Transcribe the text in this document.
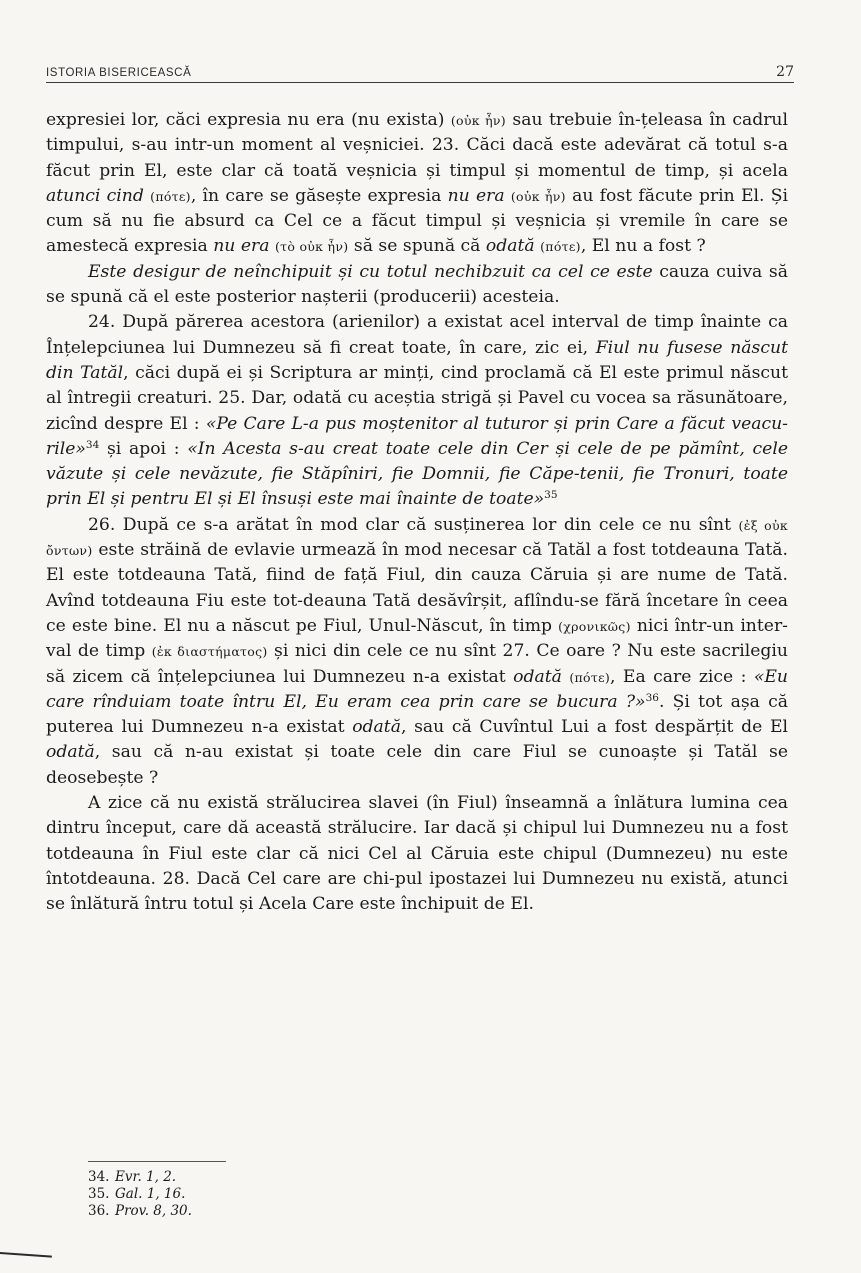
ISTORIA BISERICEASCĂ	27

expresiei lor, căci expresia nu era (nu exista) (οὐκ ἦν) sau trebuie în-țeleasa în cadrul timpului, s-au intr-un moment al veșniciei. 23. Căci dacă este adevărat că totul s-a făcut prin El, este clar că toată veșnicia și timpul și momentul de timp, și acela atunci cind (πότε), în care se găsește expresia nu era (οὐκ ἦν) au fost făcute prin El. Și cum să nu fie absurd ca Cel ce a făcut timpul și veșnicia și vremile în care se amestecă expresia nu era (τὸ οὐκ ἦν) să se spună că odată (πότε), El nu a fost ?

Este desigur de neînchipuit și cu totul nechibzuit ca cel ce este cauza cuiva să se spună că el este posterior nașterii (producerii) acesteia.

24. După părerea acestora (arienilor) a existat acel interval de timp înainte ca Înțelepciunea lui Dumnezeu să fi creat toate, în care, zic ei, Fiul nu fusese născut din Tatăl, căci după ei și Scriptura ar minți, cind proclamă că El este primul născut al întregii creaturi. 25. Dar, odată cu aceștia strigă și Pavel cu vocea sa răsunătoare, zicînd despre El : «Pe Care L-a pus moștenitor al tuturor și prin Care a făcut veacu-rile»$^{34}$ și apoi : «In Acesta s-au creat toate cele din Cer și cele de pe pămînt, cele văzute și cele nevăzute, fie Stăpîniri, fie Domnii, fie Căpe-tenii, fie Tronuri, toate prin El și pentru El și El însuși este mai înainte de toate»$^{35}$

26. După ce s-a arătat în mod clar că susținerea lor din cele ce nu sînt (ἐξ οὐκ ὄντων) este străină de evlavie urmează în mod necesar că Tatăl a fost totdeauna Tată. El este totdeauna Tată, fiind de față Fiul, din cauza Căruia și are nume de Tată. Avînd totdeauna Fiu este tot-deauna Tată desăvîrșit, aflîndu-se fără încetare în ceea ce este bine. El nu a născut pe Fiul, Unul-Născut, în timp (χρονικῶς) nici într-un inter-val de timp (ἐκ διαστήματος) și nici din cele ce nu sînt 27. Ce oare ? Nu este sacrilegiu să zicem că înțelepciunea lui Dumnezeu n-a existat odată (πότε), Ea care zice : «Eu care rînduiam toate întru El, Eu eram cea prin care se bucura ?»$^{36}$. Și tot așa că puterea lui Dumnezeu n-a existat odată, sau că Cuvîntul Lui a fost despărțit de El odată, sau că n-au existat și toate cele din care Fiul se cunoaște și Tatăl se deosebește ?

A zice că nu există strălucirea slavei (în Fiul) înseamnă a înlătura lumina cea dintru început, care dă această strălucire. Iar dacă și chipul lui Dumnezeu nu a fost totdeauna în Fiul este clar că nici Cel al Căruia este chipul (Dumnezeu) nu este întotdeauna. 28. Dacă Cel care are chi-pul ipostazei lui Dumnezeu nu există, atunci se înlătură întru totul și Acela Care este închipuit de El.

34. Evr. 1, 2.
35. Gal. 1, 16.
36. Prov. 8, 30.
